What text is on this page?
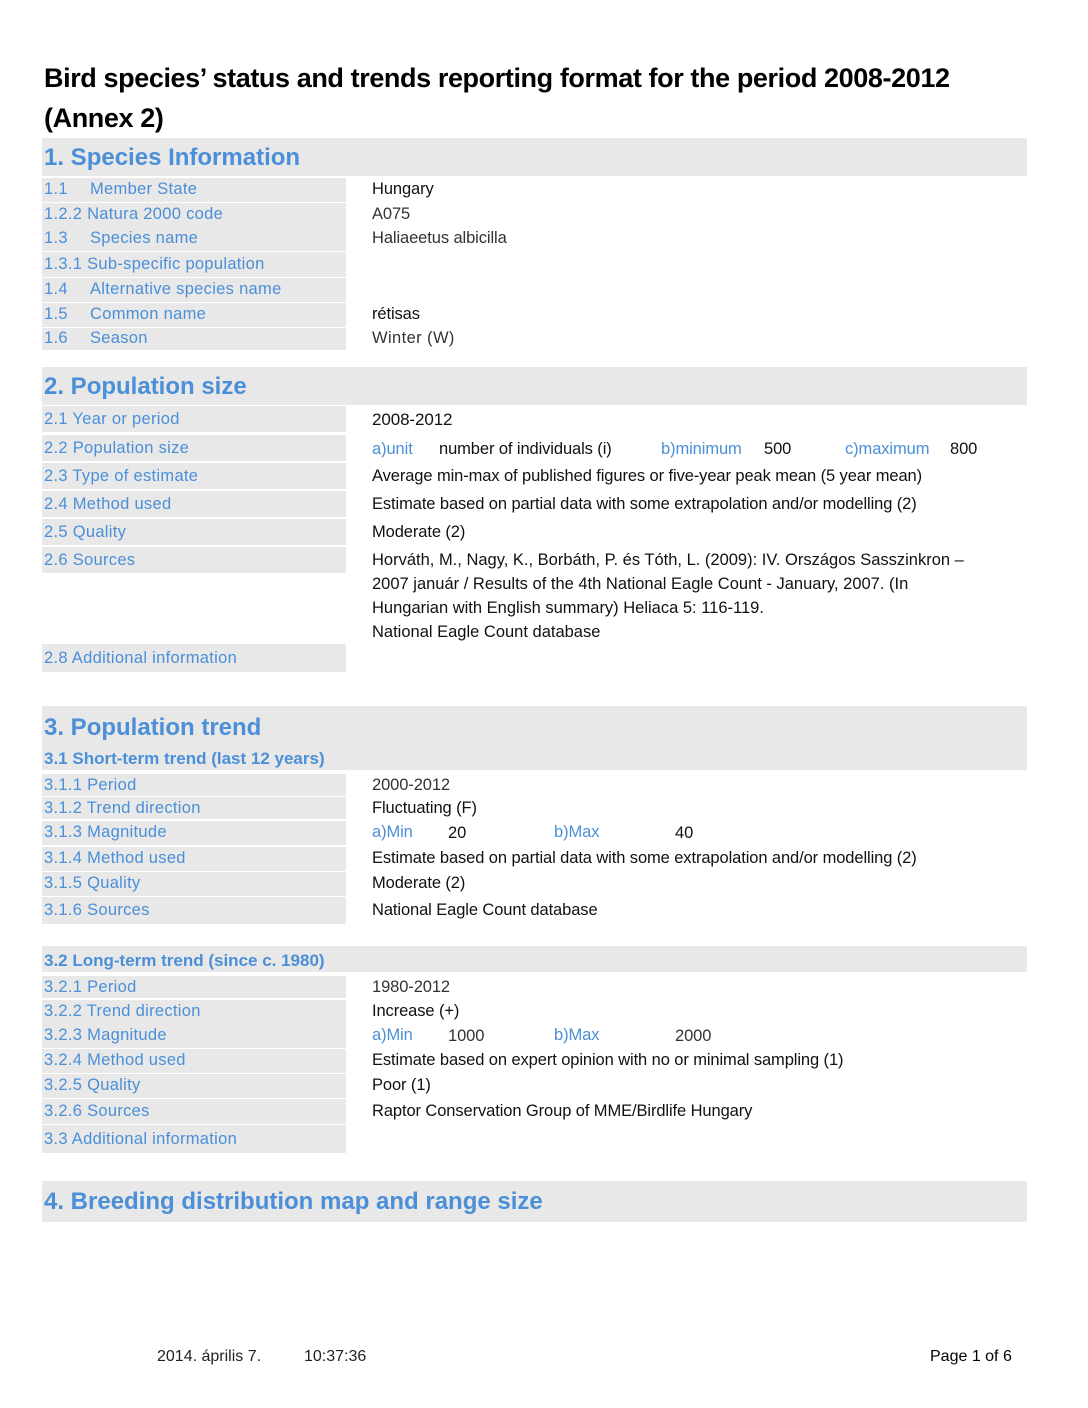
Bird species’ status and trends reporting format for the period 2008-2012
(Annex 2)
1. Species Information
1.1 Member State	Hungary
1.2.2 Natura 2000 code	A075
1.3 Species name	Haliaeetus albicilla
1.3.1 Sub-specific population
1.4 Alternative species name
1.5 Common name	rétisas
1.6 Season	Winter (W)
2. Population size
2.1 Year or period	2008-2012
2.2 Population size	a)unit number of individuals (i)	b)minimum 500	c)maximum 800
2.3 Type of estimate	Average min-max of published figures or five-year peak mean (5 year mean)
2.4 Method used	Estimate based on partial data with some extrapolation and/or modelling (2)
2.5 Quality	Moderate (2)
2.6 Sources	Horváth, M., Nagy, K., Borbáth, P. és Tóth, L. (2009): IV. Országos Sasszinkron –
2007 január / Results of the 4th National Eagle Count - January, 2007. (In
Hungarian with English summary) Heliaca 5: 116-119.
National Eagle Count database
2.8 Additional information
3. Population trend
3.1 Short-term trend (last 12 years)
3.1.1 Period	2000-2012
3.1.2 Trend direction	Fluctuating (F)
3.1.3 Magnitude	a)Min 20	b)Max	40
3.1.4 Method used	Estimate based on partial data with some extrapolation and/or modelling (2)
3.1.5 Quality	Moderate (2)
3.1.6 Sources	National Eagle Count database
3.2 Long-term trend (since c. 1980)
3.2.1 Period	1980-2012
3.2.2 Trend direction	Increase (+)
3.2.3 Magnitude	a)Min 1000	b)Max	2000
3.2.4 Method used	Estimate based on expert opinion with no or minimal sampling (1)
3.2.5 Quality	Poor (1)
3.2.6 Sources	Raptor Conservation Group of MME/Birdlife Hungary
3.3 Additional information
4. Breeding distribution map and range size
2014. április 7.	10:37:36	Page 1 of 6
